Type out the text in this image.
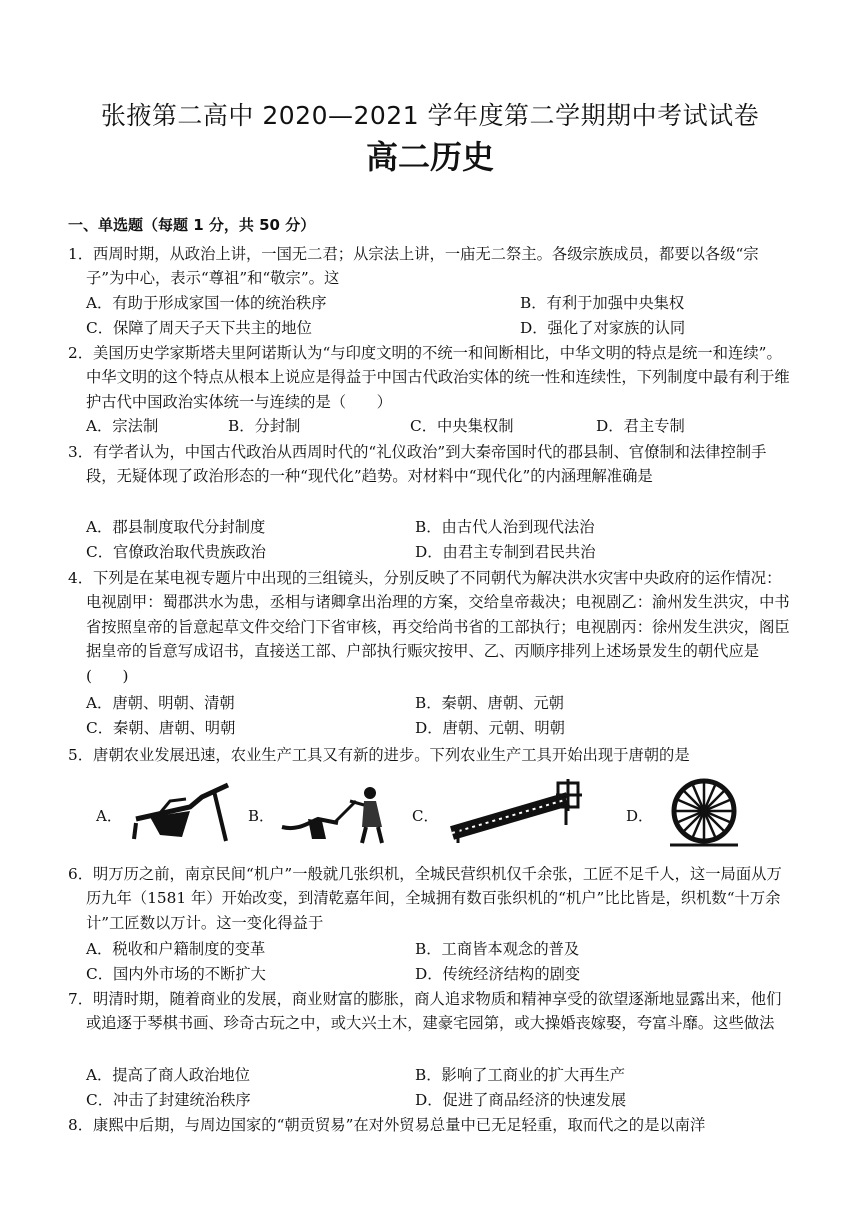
张掖第二高中 2020—2021 学年度第二学期期中考试试卷
高二历史
一、单选题（每题 1 分，共 50 分）
1．西周时期，从政治上讲，一国无二君；从宗法上讲，一庙无二祭主。各级宗族成员，都要以各级“宗子”为中心，表示“尊祖”和“敬宗”。这
A．有助于形成家国一体的统治秩序	B．有利于加强中央集权
C．保障了周天子天下共主的地位	D．强化了对家族的认同
2．美国历史学家斯塔夫里阿诺斯认为“与印度文明的不统一和间断相比，中华文明的特点是统一和连续”。中华文明的这个特点从根本上说应是得益于中国古代政治实体的统一性和连续性，下列制度中最有利于维护古代中国政治实体统一与连续的是（　　）
A．宗法制	B．分封制	C．中央集权制	D．君主专制
3．有学者认为，中国古代政治从西周时代的“礼仪政治”到大秦帝国时代的郡县制、官僚制和法律控制手段，无疑体现了政治形态的一种“现代化”趋势。对材料中“现代化”的内涵理解准确是
A．郡县制度取代分封制度	B．由古代人治到现代法治
C．官僚政治取代贵族政治	D．由君主专制到君民共治
4．下列是在某电视专题片中出现的三组镜头，分别反映了不同朝代为解决洪水灾害中央政府的运作情况：电视剧甲：蜀郡洪水为患，丞相与诸卿拿出治理的方案，交给皇帝裁决；电视剧乙：渝州发生洪灾，中书省按照皇帝的旨意起草文件交给门下省审核，再交给尚书省的工部执行；电视剧丙：徐州发生洪灾，阁臣据皇帝的旨意写成诏书，直接送工部、户部执行赈灾按甲、乙、丙顺序排列上述场景发生的朝代应是 (　　)
A．唐朝、明朝、清朝	B．秦朝、唐朝、元朝
C．秦朝、唐朝、明朝	D．唐朝、元朝、明朝
5．唐朝农业发展迅速，农业生产工具又有新的进步。下列农业生产工具开始出现于唐朝的是
A．	B．	C．	D．
6．明万历之前，南京民间“机户”一般就几张织机，全城民营织机仅千余张，工匠不足千人，这一局面从万历九年（1581 年）开始改变，到清乾嘉年间，全城拥有数百张织机的“机户”比比皆是，织机数“十万余计”工匠数以万计。这一变化得益于
A．税收和户籍制度的变革	B．工商皆本观念的普及
C．国内外市场的不断扩大	D．传统经济结构的剧变
7．明清时期，随着商业的发展，商业财富的膨胀，商人追求物质和精神享受的欲望逐渐地显露出来，他们或追逐于琴棋书画、珍奇古玩之中，或大兴土木，建豪宅园第，或大操婚丧嫁娶，夸富斗靡。这些做法
A．提高了商人政治地位	B．影响了工商业的扩大再生产
C．冲击了封建统治秩序	D．促进了商品经济的快速发展
8．康熙中后期，与周边国家的“朝贡贸易”在对外贸易总量中已无足轻重，取而代之的是以南洋
